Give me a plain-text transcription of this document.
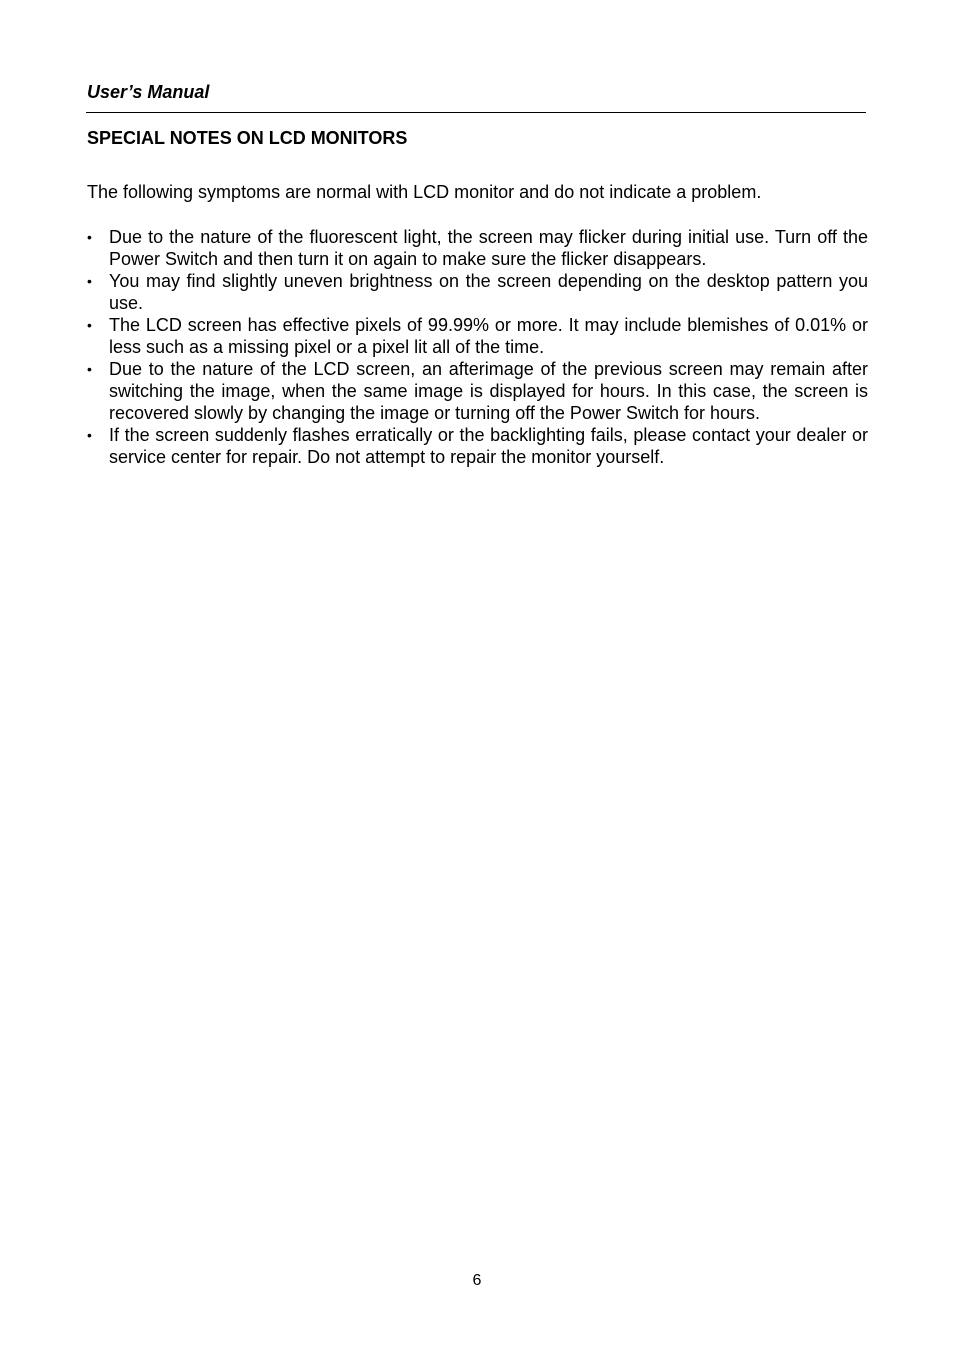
User’s Manual
SPECIAL NOTES ON LCD MONITORS
The following symptoms are normal with LCD monitor and do not indicate a problem.
• Due to the nature of the fluorescent light, the screen may flicker during initial use. Turn off the Power Switch and then turn it on again to make sure the flicker disappears.
• You may find slightly uneven brightness on the screen depending on the desktop pattern you use.
• The LCD screen has effective pixels of 99.99% or more. It may include blemishes of 0.01% or less such as a missing pixel or a pixel lit all of the time.
• Due to the nature of the LCD screen, an afterimage of the previous screen may remain after switching the image, when the same image is displayed for hours. In this case, the screen is recovered slowly by changing the image or turning off the Power Switch for hours.
• If the screen suddenly flashes erratically or the backlighting fails, please contact your dealer or service center for repair. Do not attempt to repair the monitor yourself.
6
